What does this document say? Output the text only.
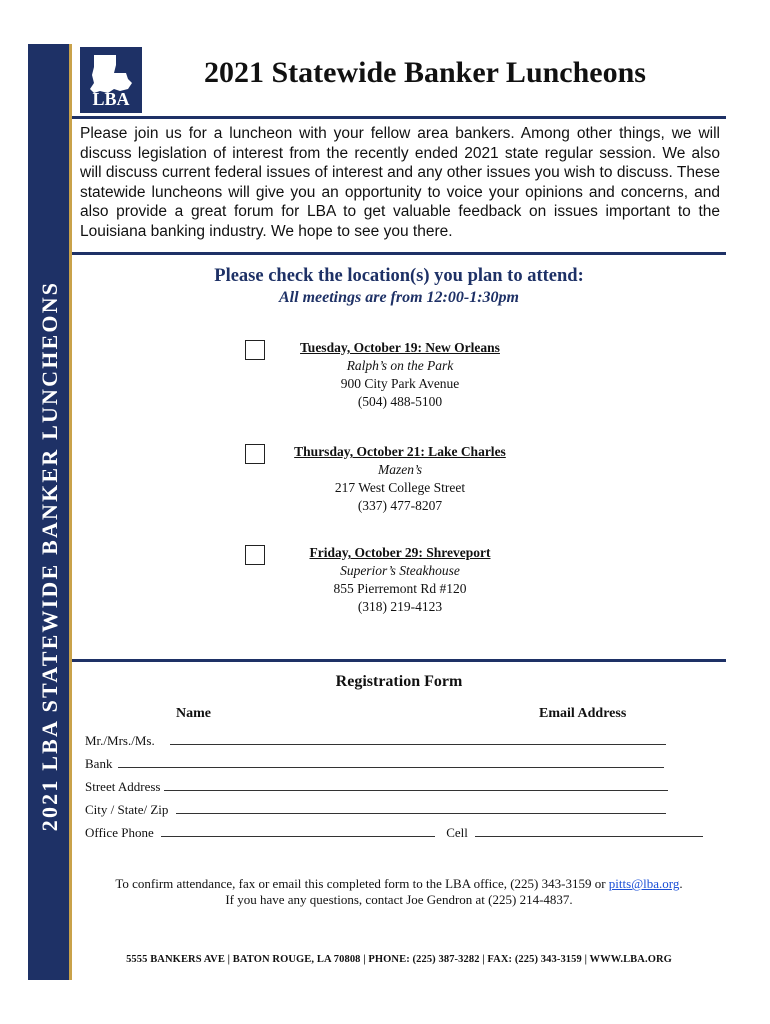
2021 LBA STATEWIDE BANKER LUNCHEONS
LBA
2021 Statewide Banker Luncheons
Please join us for a luncheon with your fellow area bankers. Among other things, we will discuss legislation of interest from the recently ended 2021 state regular session. We also will discuss current federal issues of interest and any other issues you wish to discuss. These statewide luncheons will give you an opportunity to voice your opinions and concerns, and also provide a great forum for LBA to get valuable feedback on issues important to the Louisiana banking industry. We hope to see you there.
Please check the location(s) you plan to attend:
All meetings are from 12:00-1:30pm
Tuesday, October 19: New Orleans
Ralph’s on the Park
900 City Park Avenue
(504) 488-5100
Thursday, October 21: Lake Charles
Mazen’s
217 West College Street
(337) 477-8207
Friday, October 29: Shreveport
Superior’s Steakhouse
855 Pierremont Rd #120
(318) 219-4123
Registration Form
Name	Email Address
Mr./Mrs./Ms.
Bank
Street Address
City / State/ Zip
Office Phone	Cell
To confirm attendance, fax or email this completed form to the LBA office, (225) 343-3159 or pitts@lba.org.
If you have any questions, contact Joe Gendron at (225) 214-4837.
5555 BANKERS AVE | BATON ROUGE, LA 70808 | PHONE: (225) 387-3282 | FAX: (225) 343-3159 | WWW.LBA.ORG
